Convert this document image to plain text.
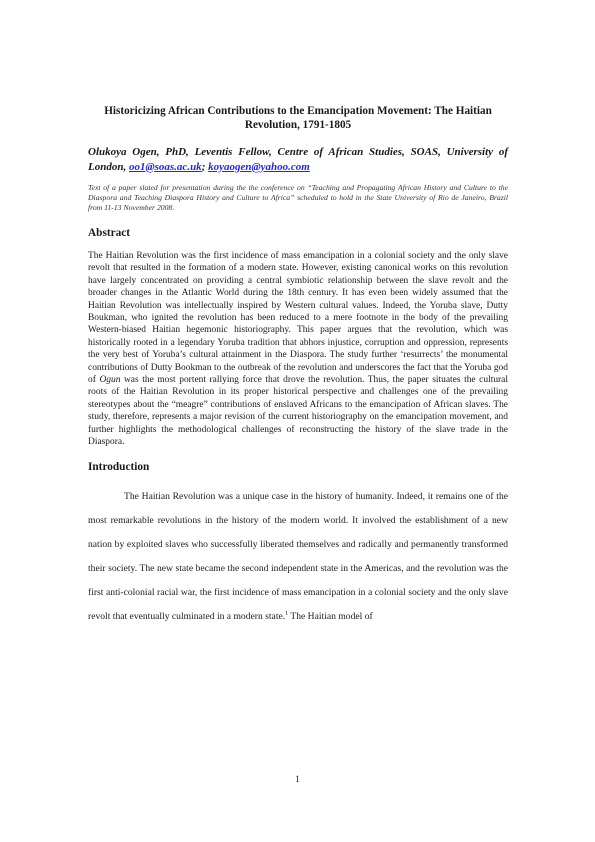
Historicizing African Contributions to the Emancipation Movement: The Haitian Revolution, 1791-1805
Olukoya Ogen, PhD, Leventis Fellow, Centre of African Studies, SOAS, University of London, oo1@soas.ac.uk; koyaogen@yahoo.com
Text of a paper slated for presentation during the the conference on “Teaching and Propagating African History and Culture to the Diaspora and Teaching Diaspora History and Culture to Africa” scheduled to hold in the State University of Rio de Janeiro, Brazil from 11-13 November 2008.
Abstract
The Haitian Revolution was the first incidence of mass emancipation in a colonial society and the only slave revolt that resulted in the formation of a modern state. However, existing canonical works on this revolution have largely concentrated on providing a central symbiotic relationship between the slave revolt and the broader changes in the Atlantic World during the 18th century. It has even been widely assumed that the Haitian Revolution was intellectually inspired by Western cultural values. Indeed, the Yoruba slave, Dutty Boukman, who ignited the revolution has been reduced to a mere footnote in the body of the prevailing Western-biased Haitian hegemonic historiography. This paper argues that the revolution, which was historically rooted in a legendary Yoruba tradition that abhors injustice, corruption and oppression, represents the very best of Yoruba’s cultural attainment in the Diaspora. The study further ‘resurrects’ the monumental contributions of Dutty Bookman to the outbreak of the revolution and underscores the fact that the Yoruba god of Ogun was the most portent rallying force that drove the revolution. Thus, the paper situates the cultural roots of the Haitian Revolution in its proper historical perspective and challenges one of the prevailing stereotypes about the “meagre” contributions of enslaved Africans to the emancipation of African slaves. The study, therefore, represents a major revision of the current historiography on the emancipation movement, and further highlights the methodological challenges of reconstructing the history of the slave trade in the Diaspora.
Introduction
The Haitian Revolution was a unique case in the history of humanity. Indeed, it remains one of the most remarkable revolutions in the history of the modern world. It involved the establishment of a new nation by exploited slaves who successfully liberated themselves and radically and permanently transformed their society. The new state became the second independent state in the Americas, and the revolution was the first anti-colonial racial war, the first incidence of mass emancipation in a colonial society and the only slave revolt that eventually culminated in a modern state.$^1$ The Haitian model of
1
